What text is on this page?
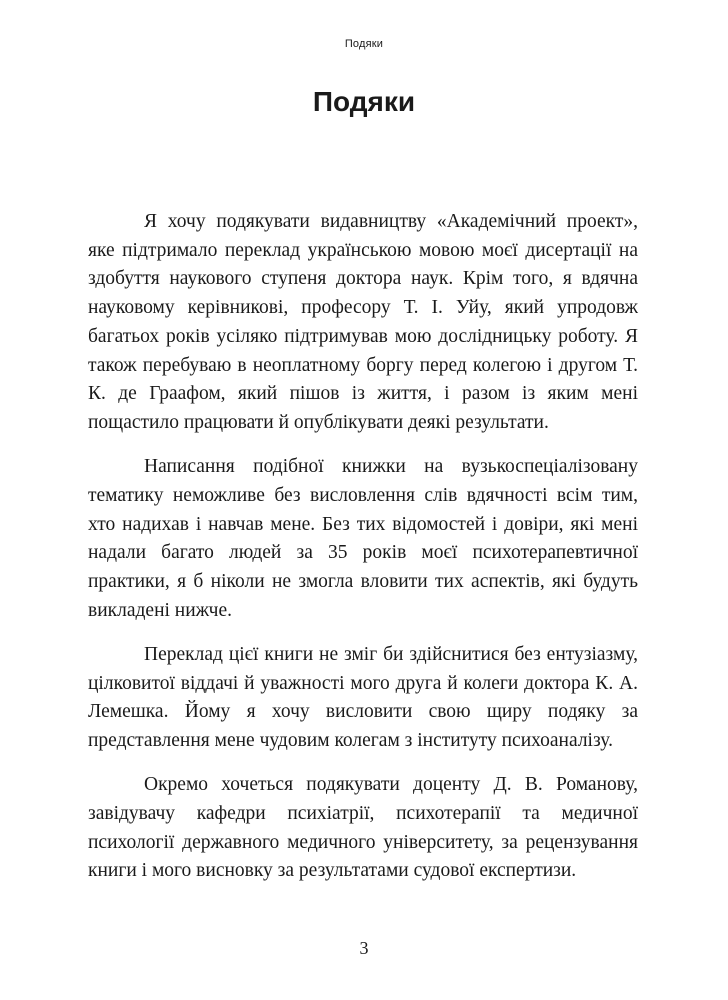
Подяки
Подяки

Я хочу подякувати видавництву «Академічний проект», яке підтримало переклад українською мовою моєї дисертації на здобуття наукового ступеня доктора наук. Крім того, я вдячна науковому керівникові, професору Т. І. Уйу, який упродовж багатьох років усіляко підтримував мою дослідницьку роботу. Я також перебуваю в неоплатному боргу перед колегою і другом Т. К. де Граафом, який пішов із життя, і разом із яким мені пощастило працювати й опублікувати деякі результати.

Написання подібної книжки на вузькоспеціалізовану тематику неможливе без висловлення слів вдячності всім тим, хто надихав і навчав мене. Без тих відомостей і довіри, які мені надали багато людей за 35 років моєї психотерапевтичної практики, я б ніколи не змогла вловити тих аспектів, які будуть викладені нижче.

Переклад цієї книги не зміг би здійснитися без ентузіазму, цілковитої віддачі й уважності мого друга й колеги доктора К. А. Лемешка. Йому я хочу висловити свою щиру подяку за представлення мене чудовим колегам з інституту психоаналізу.

Окремо хочеться подякувати доценту Д. В. Романову, завідувачу кафедри психіатрії, психотерапії та медичної психології державного медичного університету, за рецензування книги і мого висновку за результатами судової експертизи.

3
